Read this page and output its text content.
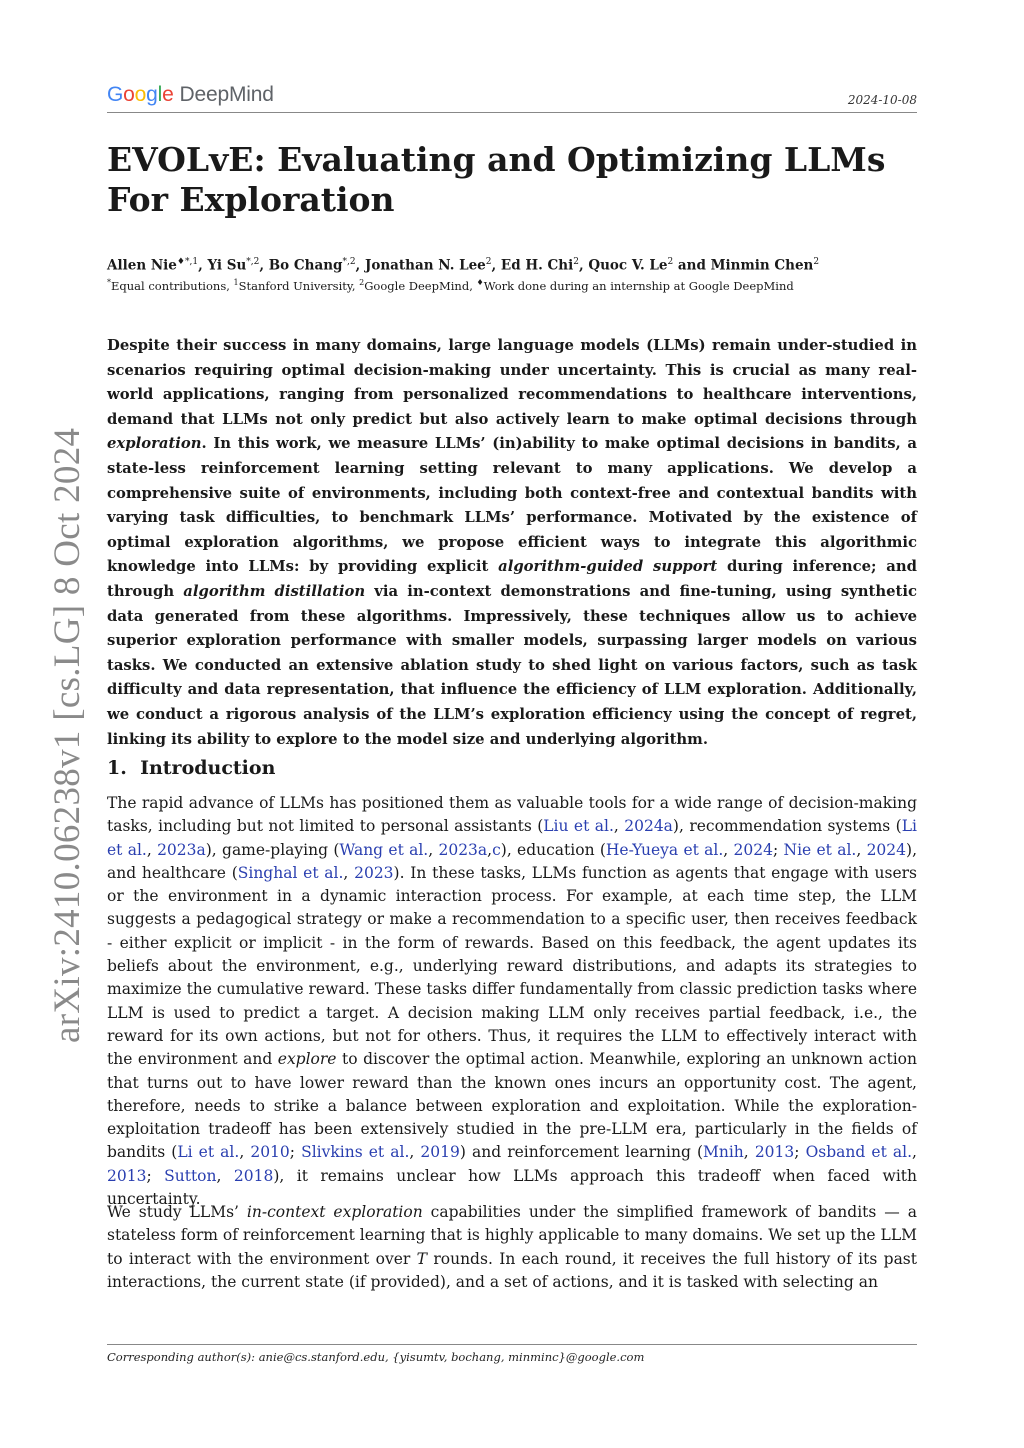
G o o g l e DeepMind	2024-10-08
EVOLvE: Evaluating and Optimizing LLMs For Exploration
Allen Nie$^{♦*,1}$, Yi $Su^{*,2}$, Bo Chang$^{*,2}$, Jonathan N. Lee$^2$, Ed H. Chi$^2$, Quoc V. Le$^2$ and Minmin Chen$^2$
*Equal contributions, $^1$Stanford University, $^2$Google DeepMind, ♦Work done during an internship at Google DeepMind
Despite their success in many domains, large language models (LLMs) remain under-studied in scenarios requiring optimal decision-making under uncertainty. This is crucial as many real-world applications, ranging from personalized recommendations to healthcare interventions, demand that LLMs not only predict but also actively learn to make optimal decisions through exploration. In this work, we measure LLMs’ (in)ability to make optimal decisions in bandits, a state-less reinforcement learning setting relevant to many applications. We develop a comprehensive suite of environments, including both context-free and contextual bandits with varying task difficulties, to benchmark LLMs’ performance. Motivated by the existence of optimal exploration algorithms, we propose efficient ways to integrate this algorithmic knowledge into LLMs: by providing explicit algorithm-guided support during inference; and through algorithm distillation via in-context demonstrations and fine-tuning, using synthetic data generated from these algorithms. Impressively, these techniques allow us to achieve superior exploration performance with smaller models, surpassing larger models on various tasks. We conducted an extensive ablation study to shed light on various factors, such as task difficulty and data representation, that influence the efficiency of LLM exploration. Additionally, we conduct a rigorous analysis of the LLM’s exploration efficiency using the concept of regret, linking its ability to explore to the model size and underlying algorithm.
1. Introduction
The rapid advance of LLMs has positioned them as valuable tools for a wide range of decision-making tasks, including but not limited to personal assistants (Liu et al., 2024a), recommendation systems (Li et al., 2023a), game-playing (Wang et al., 2023a,c), education (He-Yueya et al., 2024; Nie et al., 2024), and healthcare (Singhal et al., 2023). In these tasks, LLMs function as agents that engage with users or the environment in a dynamic interaction process. For example, at each time step, the LLM suggests a pedagogical strategy or make a recommendation to a specific user, then receives feedback - either explicit or implicit - in the form of rewards. Based on this feedback, the agent updates its beliefs about the environment, e.g., underlying reward distributions, and adapts its strategies to maximize the cumulative reward. These tasks differ fundamentally from classic prediction tasks where LLM is used to predict a target. A decision making LLM only receives partial feedback, i.e., the reward for its own actions, but not for others. Thus, it requires the LLM to effectively interact with the environment and explore to discover the optimal action. Meanwhile, exploring an unknown action that turns out to have lower reward than the known ones incurs an opportunity cost. The agent, therefore, needs to strike a balance between exploration and exploitation. While the exploration-exploitation tradeoff has been extensively studied in the pre-LLM era, particularly in the fields of bandits (Li et al., 2010; Slivkins et al., 2019) and reinforcement learning (Mnih, 2013; Osband et al., 2013; Sutton, 2018), it remains unclear how LLMs approach this tradeoff when faced with uncertainty.
We study LLMs’ in-context exploration capabilities under the simplified framework of bandits — a stateless form of reinforcement learning that is highly applicable to many domains. We set up the LLM to interact with the environment over T rounds. In each round, it receives the full history of its past interactions, the current state (if provided), and a set of actions, and it is tasked with selecting an
Corresponding author(s): anie@cs.stanford.edu, {yisumtv, bochang, minminc}@google.com
arXiv:2410.06238v1 [cs.LG] 8 Oct 2024
